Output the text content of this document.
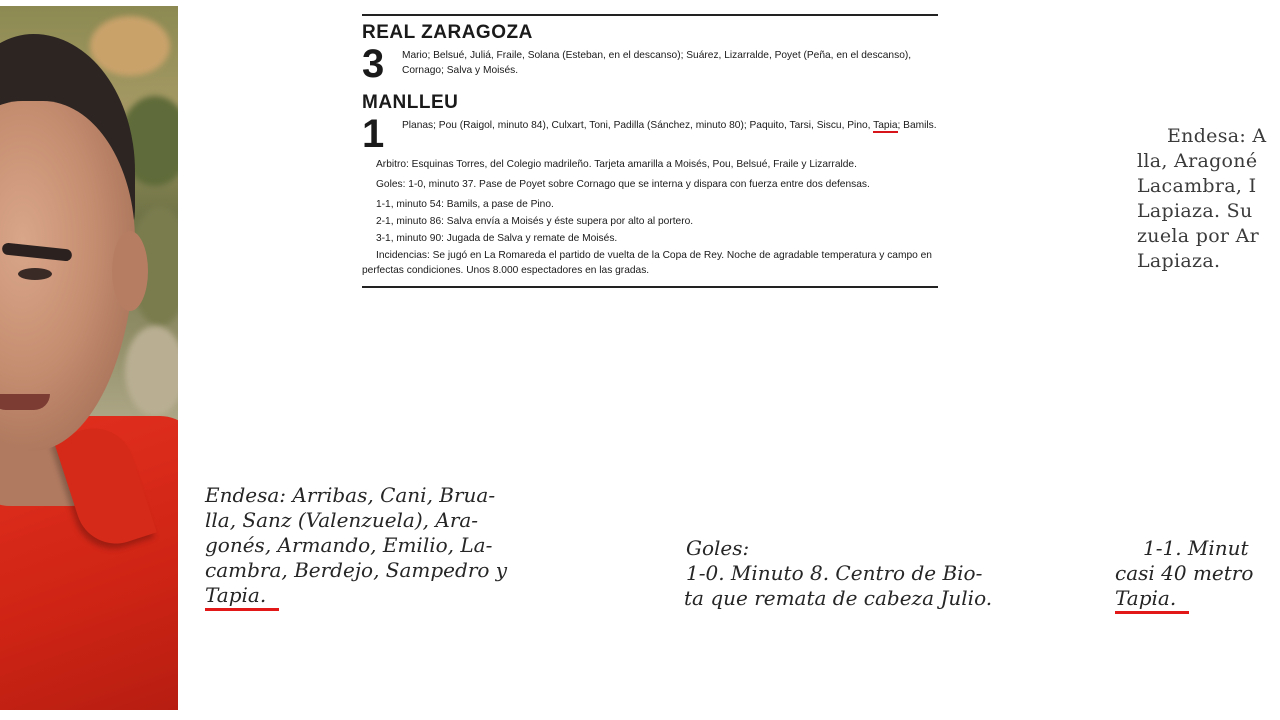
REAL ZARAGOZA
3	Mario; Belsué, Juliá, Fraile, Solana (Esteban, en el descanso); Suárez, Lizarralde, Poyet (Peña, en el descanso), Cornago; Salva y Moisés.
MANLLEU
1	Planas; Pou (Raigol, minuto 84), Culxart, Toni, Padilla (Sánchez, minuto 80); Paquito, Tarsi, Siscu, Pino, Tapia; Bamils.
Arbitro: Esquinas Torres, del Colegio madrileño. Tarjeta amarilla a Moisés, Pou, Belsué, Fraile y Lizarralde.
Goles: 1-0, minuto 37. Pase de Poyet sobre Cornago que se interna y dispara con fuerza entre dos defensas.
1-1, minuto 54: Bamils, a pase de Pino.
2-1, minuto 86: Salva envía a Moisés y éste supera por alto al portero.
3-1, minuto 90: Jugada de Salva y remate de Moisés.
Incidencias: Se jugó en La Romareda el partido de vuelta de la Copa de Rey. Noche de agradable temperatura y campo en perfectas condiciones. Unos 8.000 espectadores en las gradas.
Endesa: Arribas, Cani, Brua-
lla, Sanz (Valenzuela), Ara-
gonés, Armando, Emilio, La-
cambra, Berdejo, Sampedro y
Tapia.
Goles:
1-0. Minuto 8. Centro de Bio-
ta que remata de cabeza Julio.
1-1. Minut
casi 40 metro
Tapia.
Endesa: A
lla, Aragoné
Lacambra, I
Lapiaza. Su
zuela por Ar
Lapiaza.
